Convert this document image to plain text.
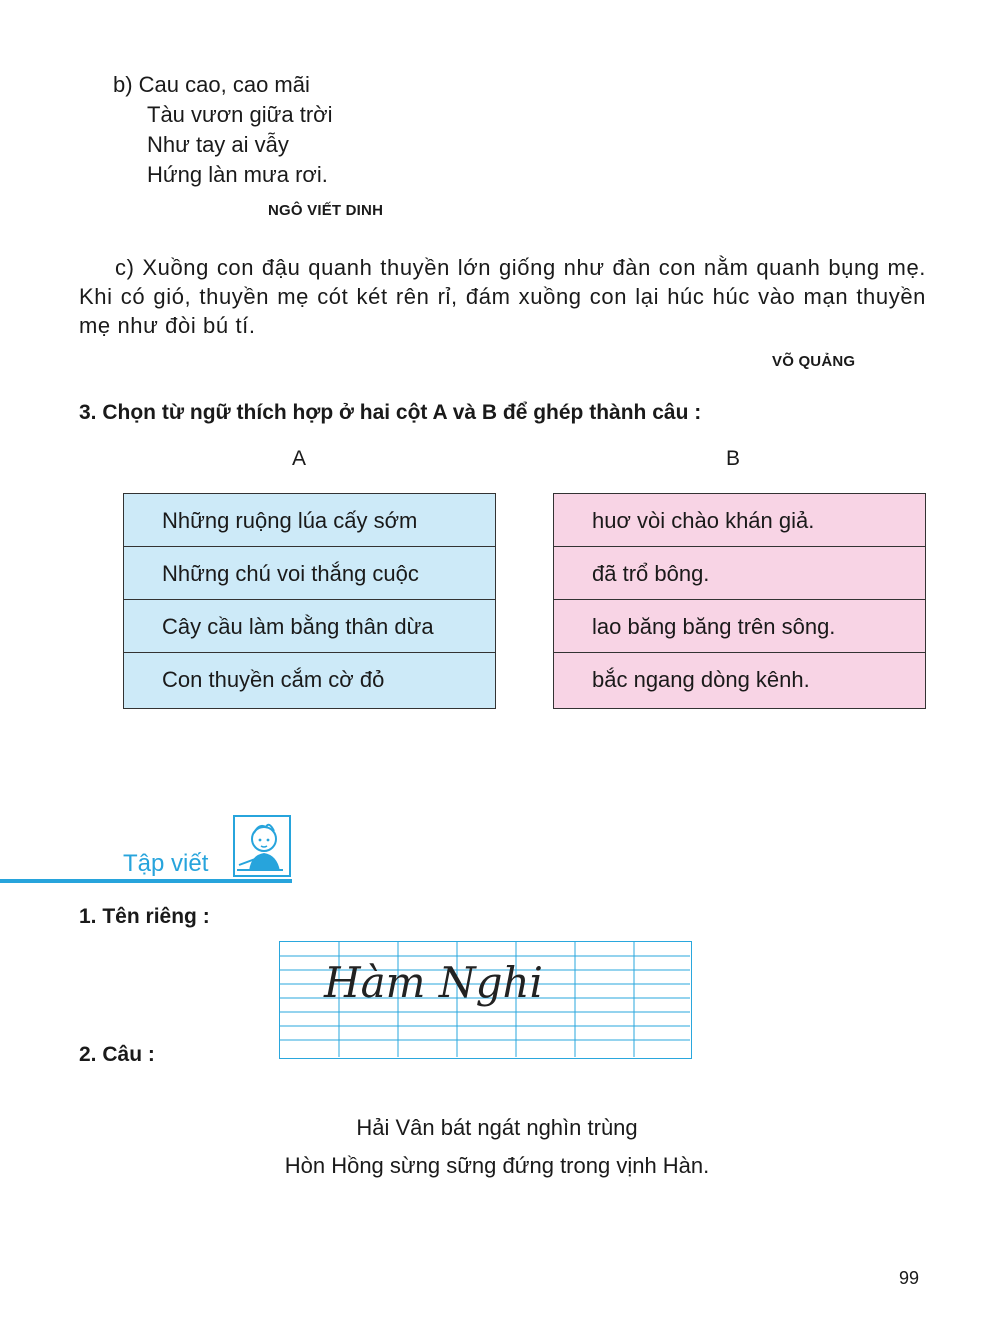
b) Cau cao, cao mãi
Tàu vươn giữa trời
Như tay ai vẫy
Hứng làn mưa rơi.
NGÔ VIẾT DINH
c) Xuồng con đậu quanh thuyền lớn giống như đàn con nằm quanh bụng mẹ. Khi có gió, thuyền mẹ cót két rên rỉ, đám xuồng con lại húc húc vào mạn thuyền mẹ như đòi bú tí.
VÕ QUẢNG
3. Chọn từ ngữ thích hợp ở hai cột A và B để ghép thành câu :
A	B
Những ruộng lúa cấy sớm
Những chú voi thắng cuộc
Cây cầu làm bằng thân dừa
Con thuyền cắm cờ đỏ
huơ vòi chào khán giả.
đã trổ bông.
lao băng băng trên sông.
bắc ngang dòng kênh.
Tập viết
1. Tên riêng :
Hàm Nghi
2. Câu :
Hải Vân bát ngát nghìn trùng
Hòn Hồng sừng sững đứng trong vịnh Hàn.
99
